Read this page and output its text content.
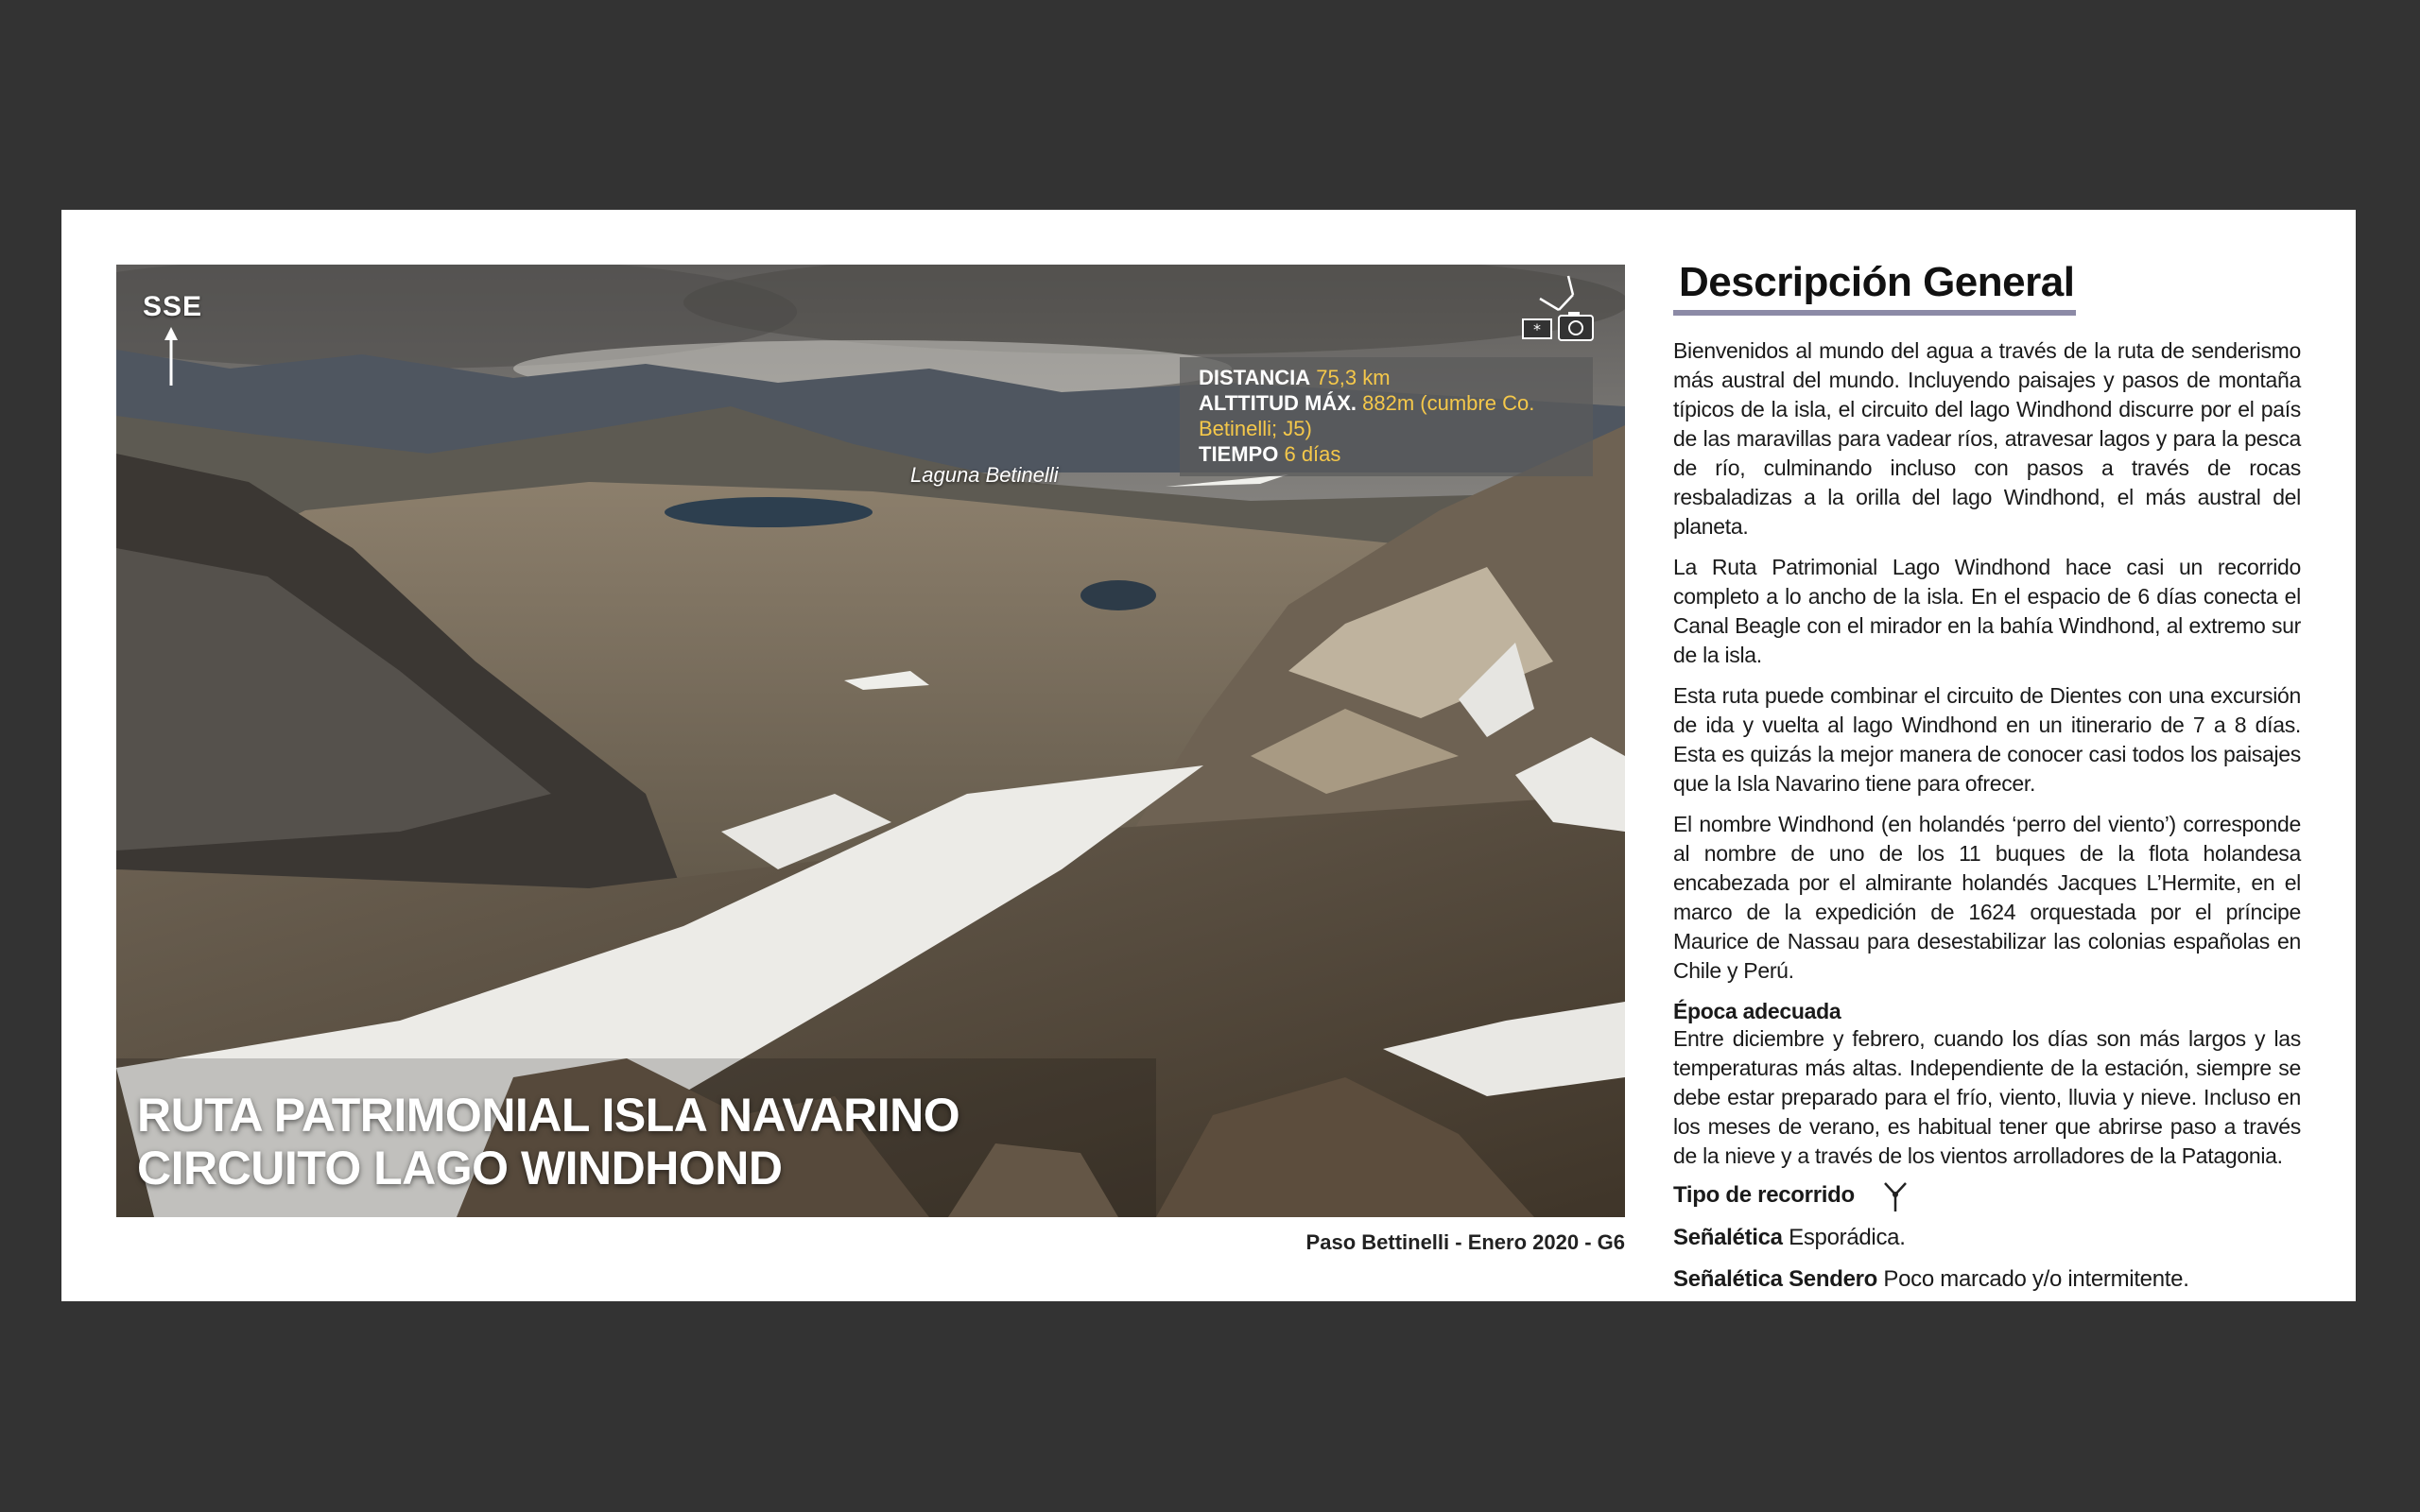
SSE
*
DISTANCIA 75,3 km
ALTTITUD MÁX. 882m (cumbre Co. Betinelli; J5)
TIEMPO 6 días
Laguna Betinelli
RUTA PATRIMONIAL ISLA NAVARINO
CIRCUITO LAGO WINDHOND
Paso Bettinelli - Enero 2020 - G6
Descripción General

Bienvenidos al mundo del agua a través de la ruta de senderismo más austral del mundo. Incluyendo paisajes y pasos de montaña típicos de la isla, el circuito del lago Windhond discurre por el país de las maravillas para vadear ríos, atravesar lagos y para la pesca de río, culminando incluso con pasos a través de rocas resbaladizas a la orilla del lago Windhond, el más austral del planeta.

La Ruta Patrimonial Lago Windhond hace casi un recorrido completo a lo ancho de la isla. En el espacio de 6 días conecta el Canal Beagle con el mirador en la bahía Windhond, al extremo sur de la isla.

Esta ruta puede combinar el circuito de Dientes con una excursión de ida y vuelta al lago Windhond en un itinerario de 7 a 8 días. Esta es quizás la mejor manera de conocer casi todos los paisajes que la Isla Navarino tiene para ofrecer.

El nombre Windhond (en holandés ‘perro del viento’) corresponde al nombre de uno de los 11 buques de la flota holandesa encabezada por el almirante holandés Jacques L’Hermite, en el marco de la expedición de 1624 orquestada por el príncipe Maurice de Nassau para desestabilizar las colonias españolas en Chile y Perú.

Época adecuada

Entre diciembre y febrero, cuando los días son más largos y las temperaturas más altas. Independiente de la estación, siempre se debe estar preparado para el frío, viento, lluvia y nieve. Incluso en los meses de verano, es habitual tener que abrirse paso a través de la nieve y a través de los vientos arrolladores de la Patagonia.

Tipo de recorrido
Señalética Esporádica.
Señalética Sendero Poco marcado y/o intermitente.
